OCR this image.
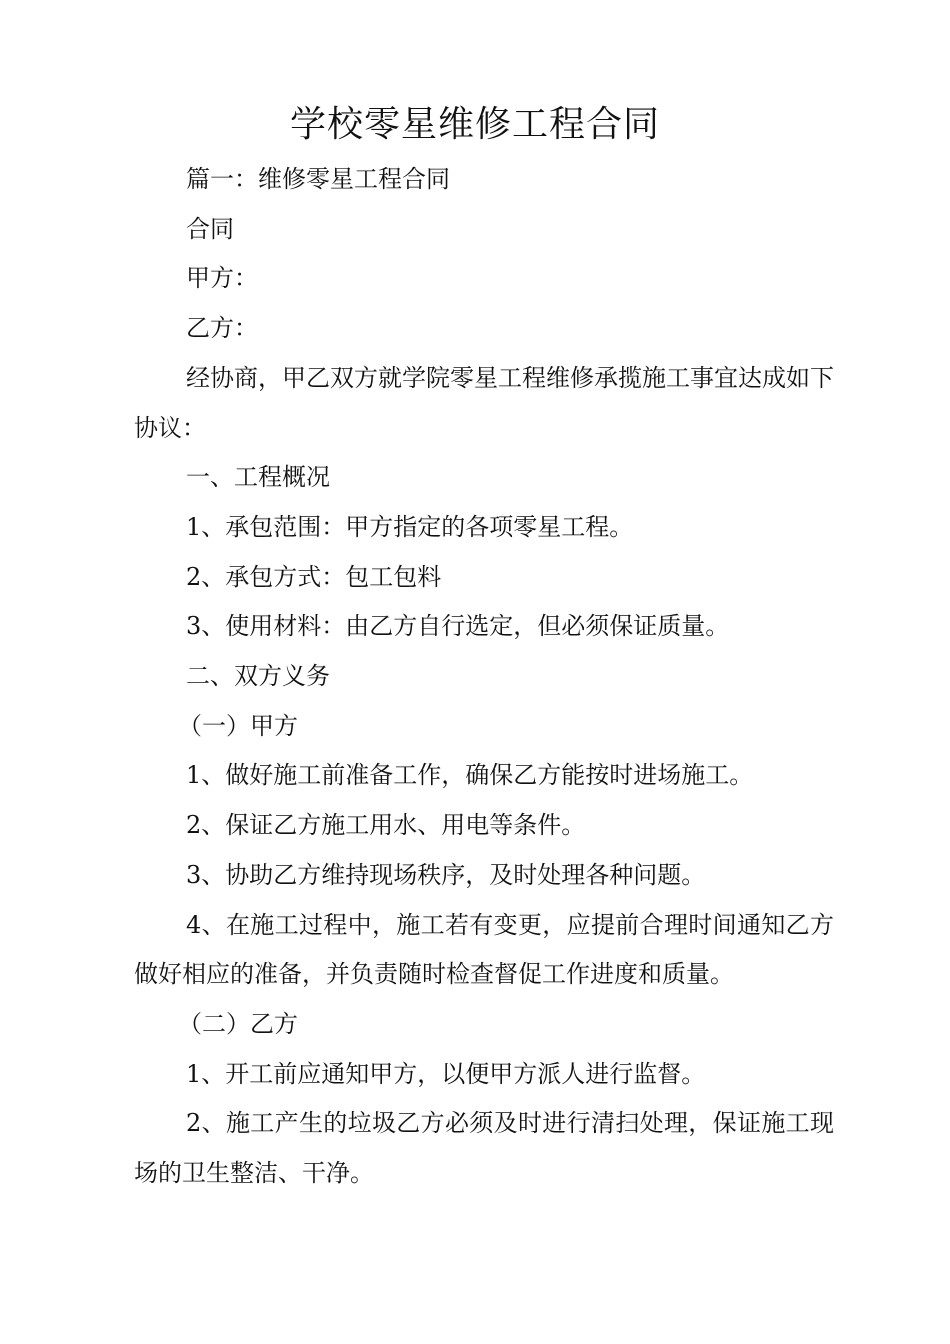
学校零星维修工程合同

篇一：维修零星工程合同

合同

甲方：

乙方：

经协商，甲乙双方就学院零星工程维修承揽施工事宜达成如下协议：

一、工程概况

1、承包范围：甲方指定的各项零星工程。

2、承包方式：包工包料

3、使用材料：由乙方自行选定，但必须保证质量。

二、双方义务

（一）甲方

1、做好施工前准备工作，确保乙方能按时进场施工。

2、保证乙方施工用水、用电等条件。

3、协助乙方维持现场秩序，及时处理各种问题。

4、在施工过程中，施工若有变更，应提前合理时间通知乙方做好相应的准备，并负责随时检查督促工作进度和质量。

（二）乙方

1、开工前应通知甲方，以便甲方派人进行监督。

2、施工产生的垃圾乙方必须及时进行清扫处理，保证施工现场的卫生整洁、干净。
